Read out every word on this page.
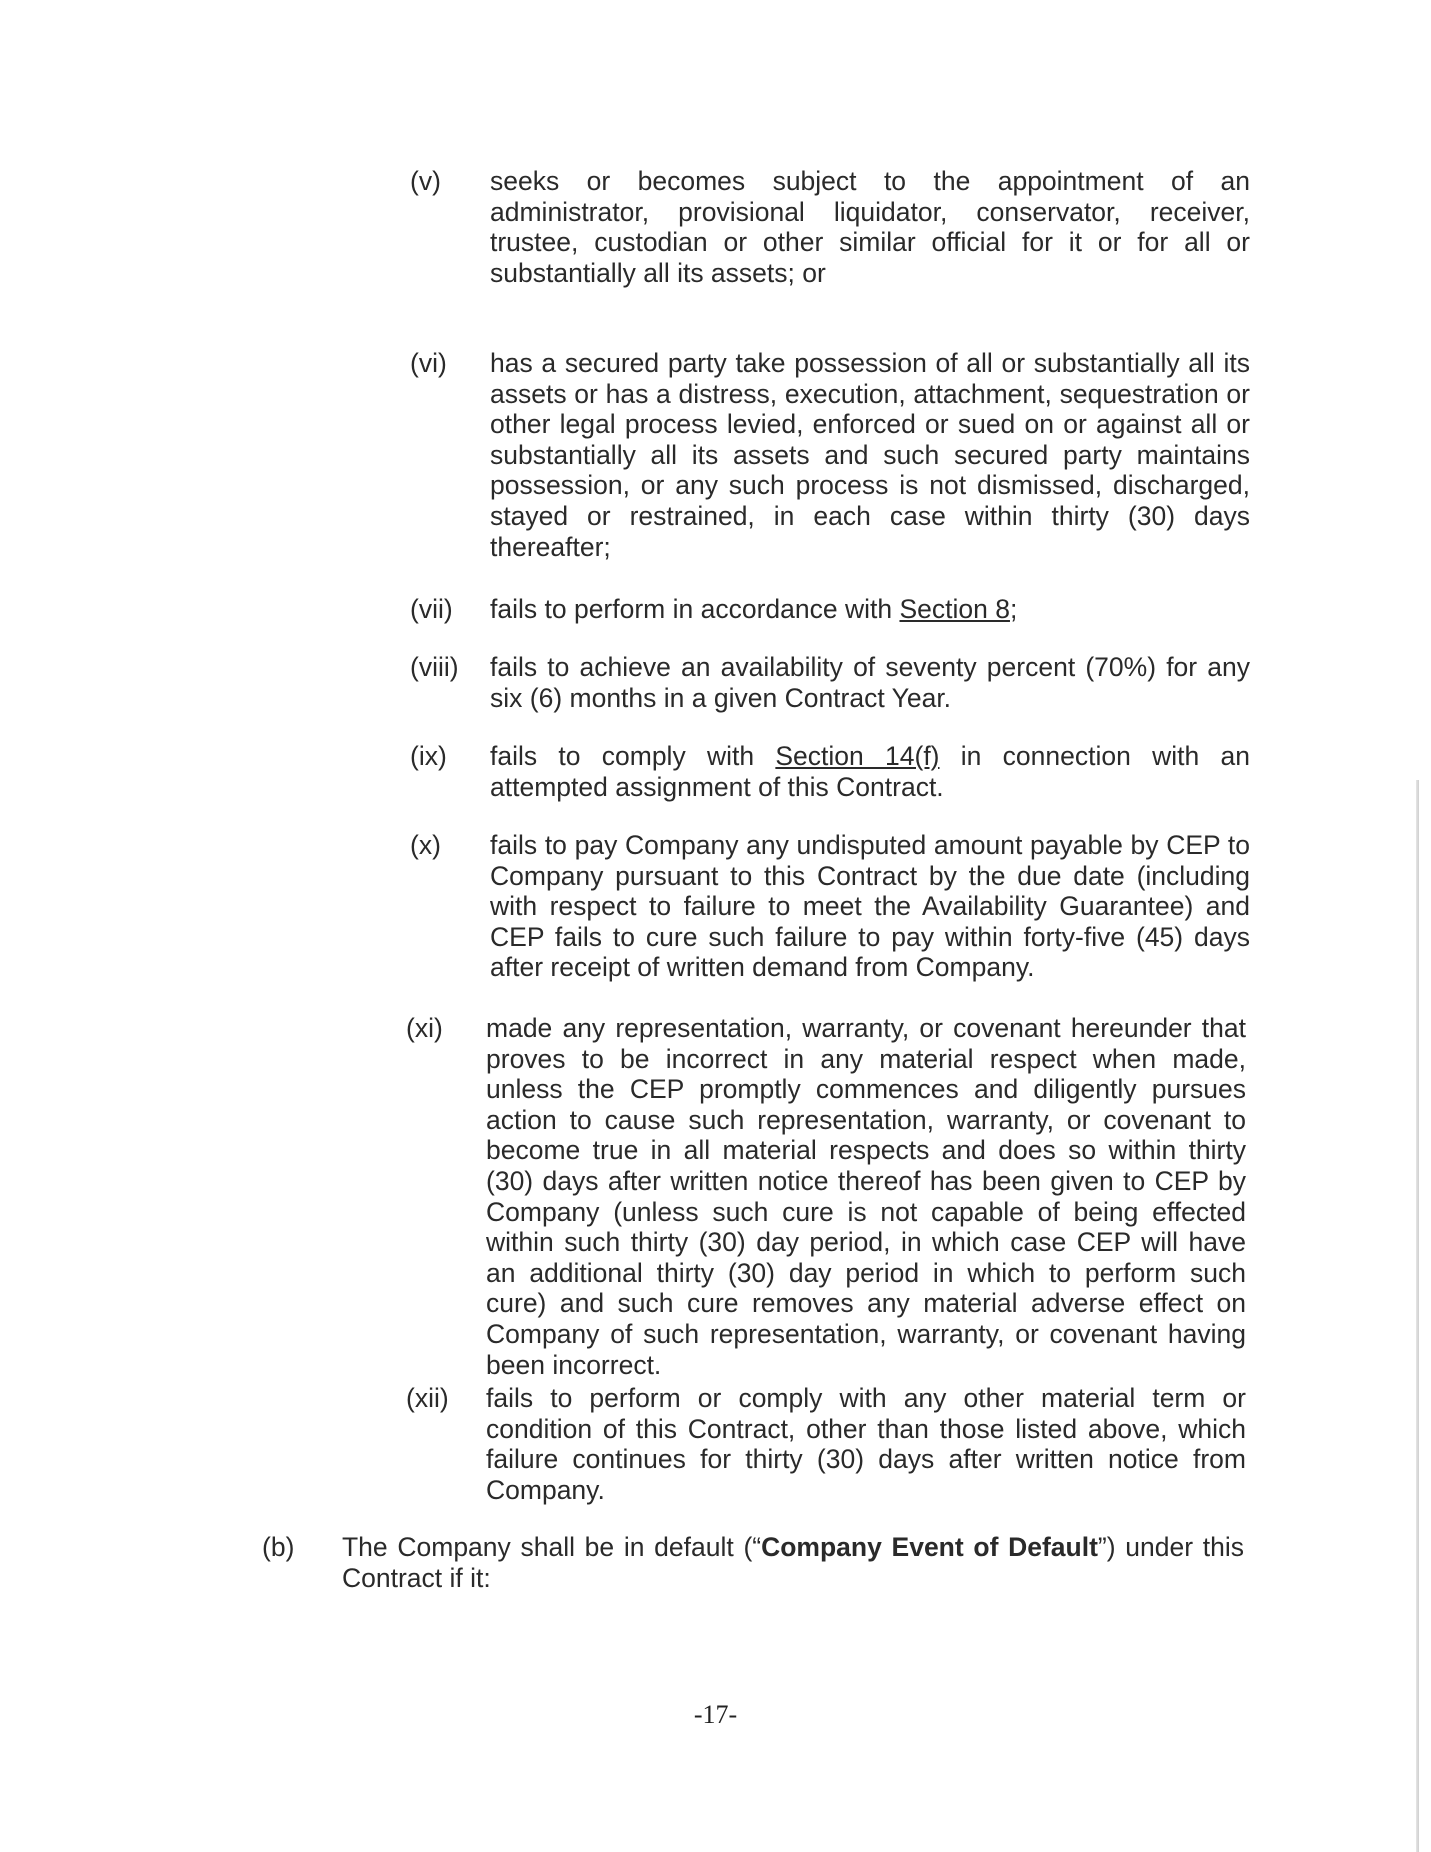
(v) seeks or becomes subject to the appointment of an administrator, provisional liquidator, conservator, receiver, trustee, custodian or other similar official for it or for all or substantially all its assets; or
(vi) has a secured party take possession of all or substantially all its assets or has a distress, execution, attachment, sequestration or other legal process levied, enforced or sued on or against all or substantially all its assets and such secured party maintains possession, or any such process is not dismissed, discharged, stayed or restrained, in each case within thirty (30) days thereafter;
(vii) fails to perform in accordance with Section 8;
(viii) fails to achieve an availability of seventy percent (70%) for any six (6) months in a given Contract Year.
(ix) fails to comply with Section 14(f) in connection with an attempted assignment of this Contract.
(x) fails to pay Company any undisputed amount payable by CEP to Company pursuant to this Contract by the due date (including with respect to failure to meet the Availability Guarantee) and CEP fails to cure such failure to pay within forty-five (45) days after receipt of written demand from Company.
(xi) made any representation, warranty, or covenant hereunder that proves to be incorrect in any material respect when made, unless the CEP promptly commences and diligently pursues action to cause such representation, warranty, or covenant to become true in all material respects and does so within thirty (30) days after written notice thereof has been given to CEP by Company (unless such cure is not capable of being effected within such thirty (30) day period, in which case CEP will have an additional thirty (30) day period in which to perform such cure) and such cure removes any material adverse effect on Company of such representation, warranty, or covenant having been incorrect.
(xii) fails to perform or comply with any other material term or condition of this Contract, other than those listed above, which failure continues for thirty (30) days after written notice from Company.
(b) The Company shall be in default (“Company Event of Default”) under this Contract if it:
-17-
